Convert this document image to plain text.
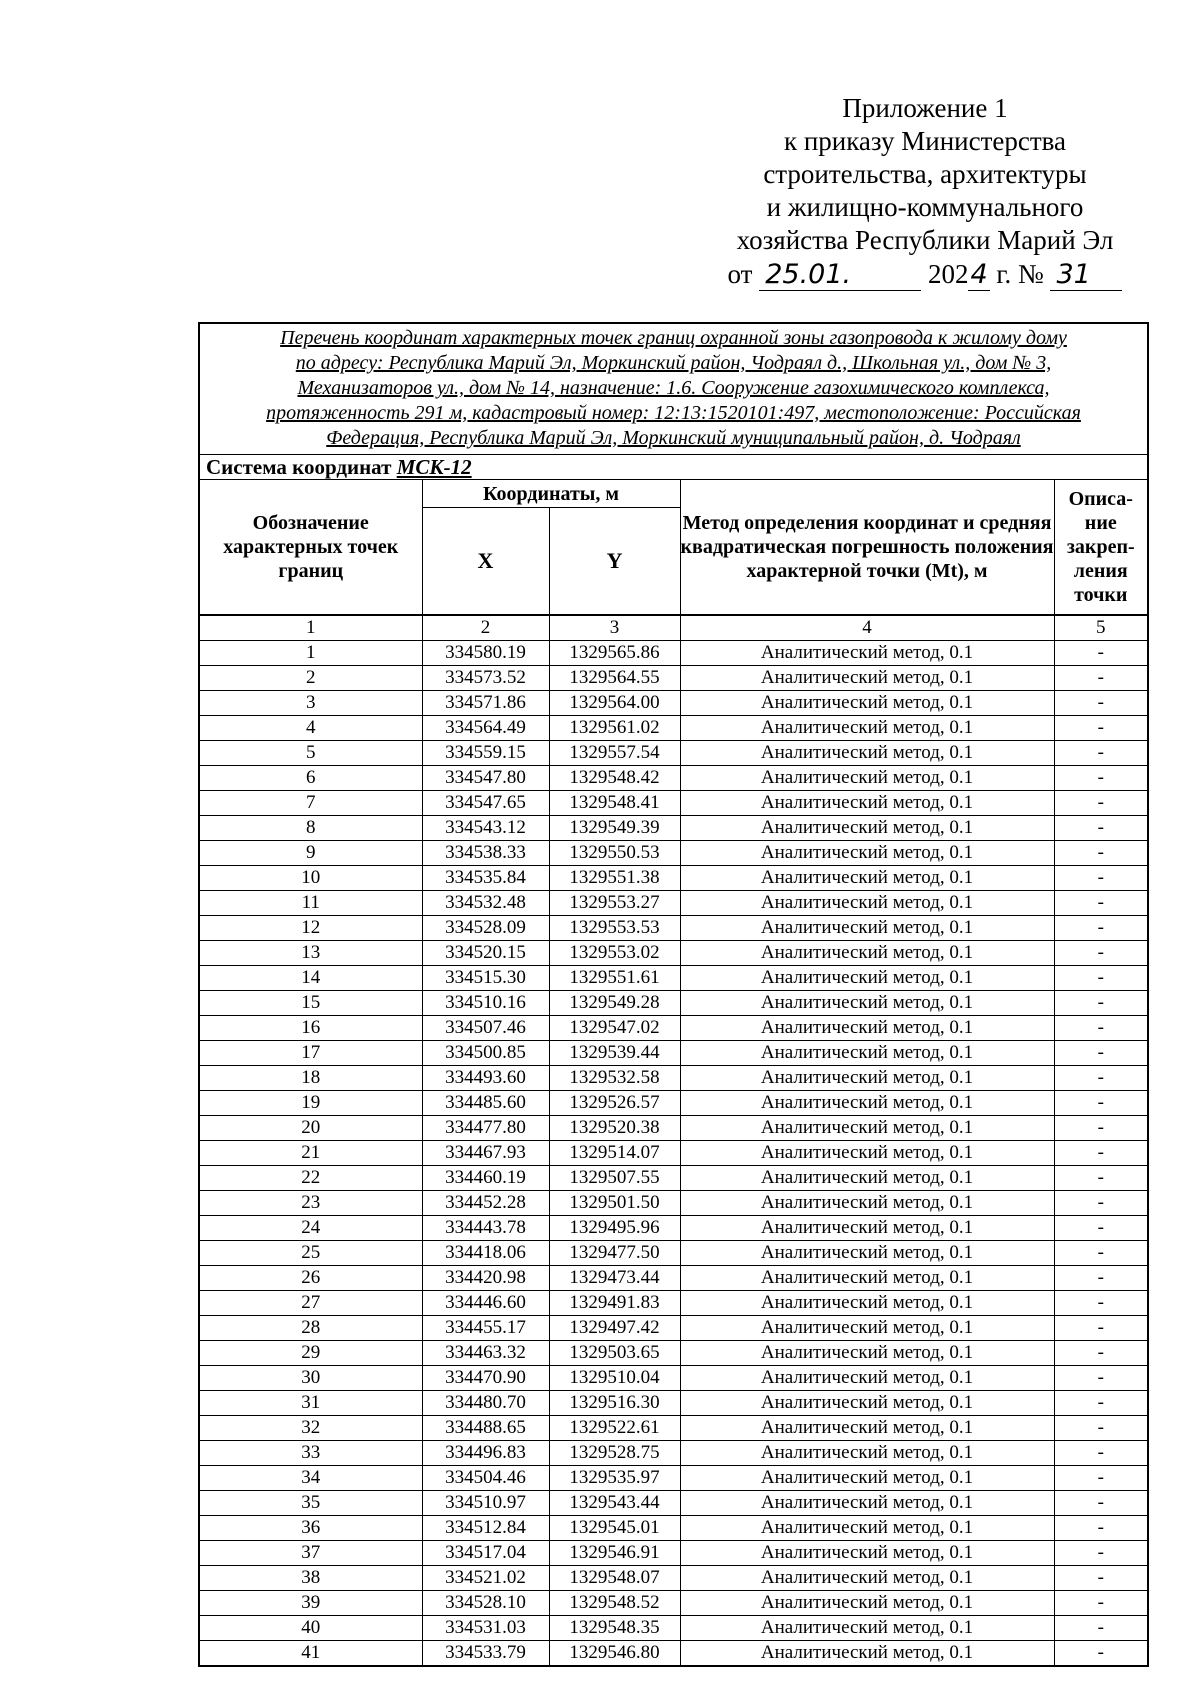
Приложение 1
к приказу Министерства
строительства, архитектуры
и жилищно-коммунального
хозяйства Республики Марий Эл
от 25.01.	2024 г. № 31
Перечень координат характерных точек границ охранной зоны газопровода к жилому дому
по адресу: Республика Марий Эл, Моркинский район, Чодраял д., Школьная ул., дом № 3,
Механизаторов ул., дом № 14, назначение: 1.6. Сооружение газохимического комплекса,
протяженность 291 м, кадастровый номер: 12:13:1520101:497, местоположение: Российская
Федерация, Республика Марий Эл, Моркинский муниципальный район, д. Чодраял
Система координат МСК-12
Обозначение характерных точек границ	Координаты, м		Метод определения координат и средняя квадратическая погрешность положения характерной точки (Mt), м	Описа-ние закреп-ления точки
	X	Y		
1	2	3	4	5
1	334580.19	1329565.86	Аналитический метод, 0.1	-
2	334573.52	1329564.55	Аналитический метод, 0.1	-
3	334571.86	1329564.00	Аналитический метод, 0.1	-
4	334564.49	1329561.02	Аналитический метод, 0.1	-
5	334559.15	1329557.54	Аналитический метод, 0.1	-
6	334547.80	1329548.42	Аналитический метод, 0.1	-
7	334547.65	1329548.41	Аналитический метод, 0.1	-
8	334543.12	1329549.39	Аналитический метод, 0.1	-
9	334538.33	1329550.53	Аналитический метод, 0.1	-
10	334535.84	1329551.38	Аналитический метод, 0.1	-
11	334532.48	1329553.27	Аналитический метод, 0.1	-
12	334528.09	1329553.53	Аналитический метод, 0.1	-
13	334520.15	1329553.02	Аналитический метод, 0.1	-
14	334515.30	1329551.61	Аналитический метод, 0.1	-
15	334510.16	1329549.28	Аналитический метод, 0.1	-
16	334507.46	1329547.02	Аналитический метод, 0.1	-
17	334500.85	1329539.44	Аналитический метод, 0.1	-
18	334493.60	1329532.58	Аналитический метод, 0.1	-
19	334485.60	1329526.57	Аналитический метод, 0.1	-
20	334477.80	1329520.38	Аналитический метод, 0.1	-
21	334467.93	1329514.07	Аналитический метод, 0.1	-
22	334460.19	1329507.55	Аналитический метод, 0.1	-
23	334452.28	1329501.50	Аналитический метод, 0.1	-
24	334443.78	1329495.96	Аналитический метод, 0.1	-
25	334418.06	1329477.50	Аналитический метод, 0.1	-
26	334420.98	1329473.44	Аналитический метод, 0.1	-
27	334446.60	1329491.83	Аналитический метод, 0.1	-
28	334455.17	1329497.42	Аналитический метод, 0.1	-
29	334463.32	1329503.65	Аналитический метод, 0.1	-
30	334470.90	1329510.04	Аналитический метод, 0.1	-
31	334480.70	1329516.30	Аналитический метод, 0.1	-
32	334488.65	1329522.61	Аналитический метод, 0.1	-
33	334496.83	1329528.75	Аналитический метод, 0.1	-
34	334504.46	1329535.97	Аналитический метод, 0.1	-
35	334510.97	1329543.44	Аналитический метод, 0.1	-
36	334512.84	1329545.01	Аналитический метод, 0.1	-
37	334517.04	1329546.91	Аналитический метод, 0.1	-
38	334521.02	1329548.07	Аналитический метод, 0.1	-
39	334528.10	1329548.52	Аналитический метод, 0.1	-
40	334531.03	1329548.35	Аналитический метод, 0.1	-
41	334533.79	1329546.80	Аналитический метод, 0.1	-
